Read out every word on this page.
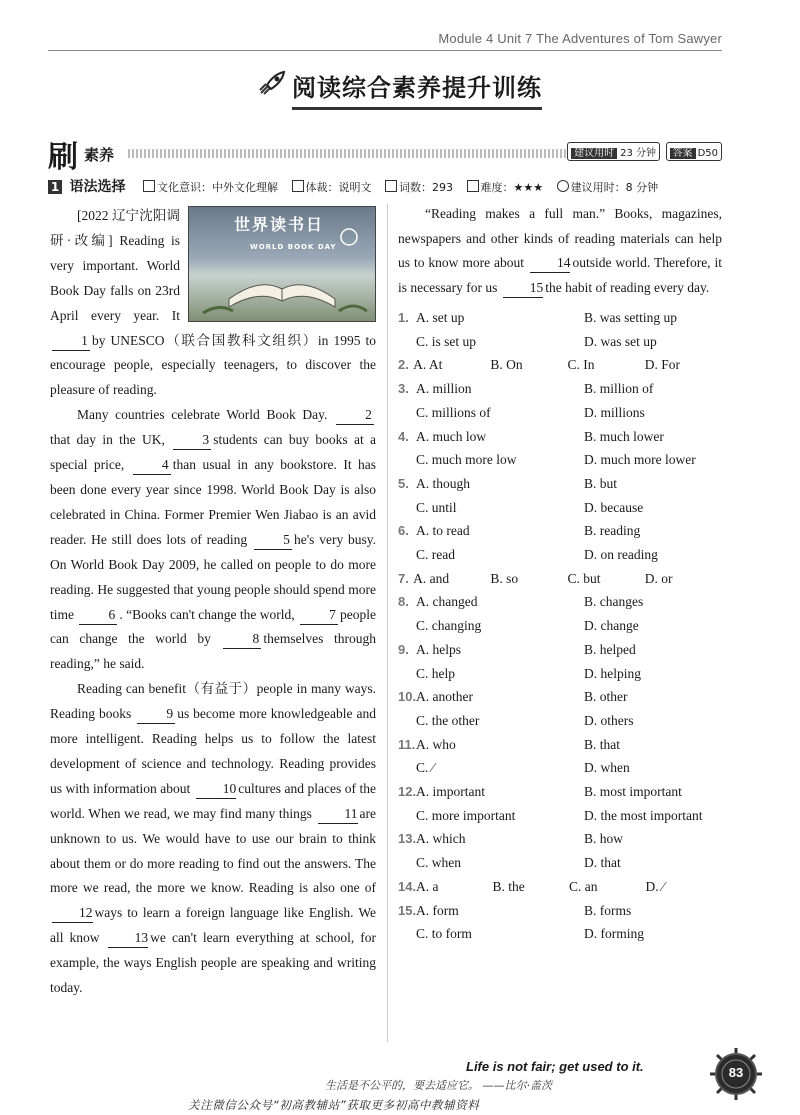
Module 4 Unit 7 The Adventures of Tom Sawyer
阅读综合素养提升训练
刷 素养	建议用时 23 分钟	答案 D50
1 语法选择	文化意识：中外文化理解	体裁：说明文	词数：293	难度：★★★	建议用时：8 分钟

世界读书日
WORLD BOOK DAY
[2022 辽宁沈阳调研·改编] Reading is very important. World Book Day falls on 23rd April every year. It1 by UNESCO（联合国教科文组织）in 1995 to encourage people, especially teenagers, to discover the pleasure of reading.

Many countries celebrate World Book Day.	2that day in the UK,	3 students can buy books at a special price,	4 than usual in any bookstore. It has been done every year since 1998. World Book Day is also celebrated in China. Former Premier Wen Jiabao is an avid reader. He still does lots of reading	5 he's very busy. On World Book Day 2009, he called on people to do more reading. He suggested that young people should spend more time	6 . “Books can't change the world,	7 people can change the world by	8 themselves through reading,” he said.

Reading can benefit（有益于）people in many ways. Reading books	9 us become more knowledgeable and more intelligent. Reading helps us to follow the latest development of science and technology. Reading provides us with information about 10 cultures and places of the world. When we read, we may find many things 11 are unknown to us. We would have to use our brain to think about them or do more reading to find out the answers. The more we read, the more we know. Reading is also one of 12 ways to learn a foreign language like English. We all know	13 we can't learn everything at school, for example, the ways English people are speaking and writing today.

“Reading makes a full man.” Books, magazines, newspapers and other kinds of reading materials can help us to know more about 14 outside world. Therefore, it is necessary for us 15 the habit of reading every day.

1. A. set up	B. was setting up
C. is set up	D. was set up
2. A. At	B. On	C. In	D. For
3. A. million	B. million of
C. millions of	D. millions
4. A. much low	B. much lower
C. much more low	D. much more lower
5. A. though	B. but
C. until	D. because
6. A. to read	B. reading
C. read	D. on reading
7. A. and	B. so	C. but	D. or
8. A. changed	B. changes
C. changing	D. change
9. A. helps	B. helped
C. help	D. helping
10. A. another	B. other
C. the other	D. others
11. A. who	B. that
C. ⁄	D. when
12. A. important	B. most important
C. more important	D. the most important
13. A. which	B. how
C. when	D. that
14. A. a	B. the	C. an	D. ⁄
15. A. form	B. forms
C. to form	D. forming
Life is not fair; get used to it.
生活是不公平的，要去适应它。 ——比尔·盖茨
关注微信公众号“初高教辅站”获取更多初高中教辅资料
83
